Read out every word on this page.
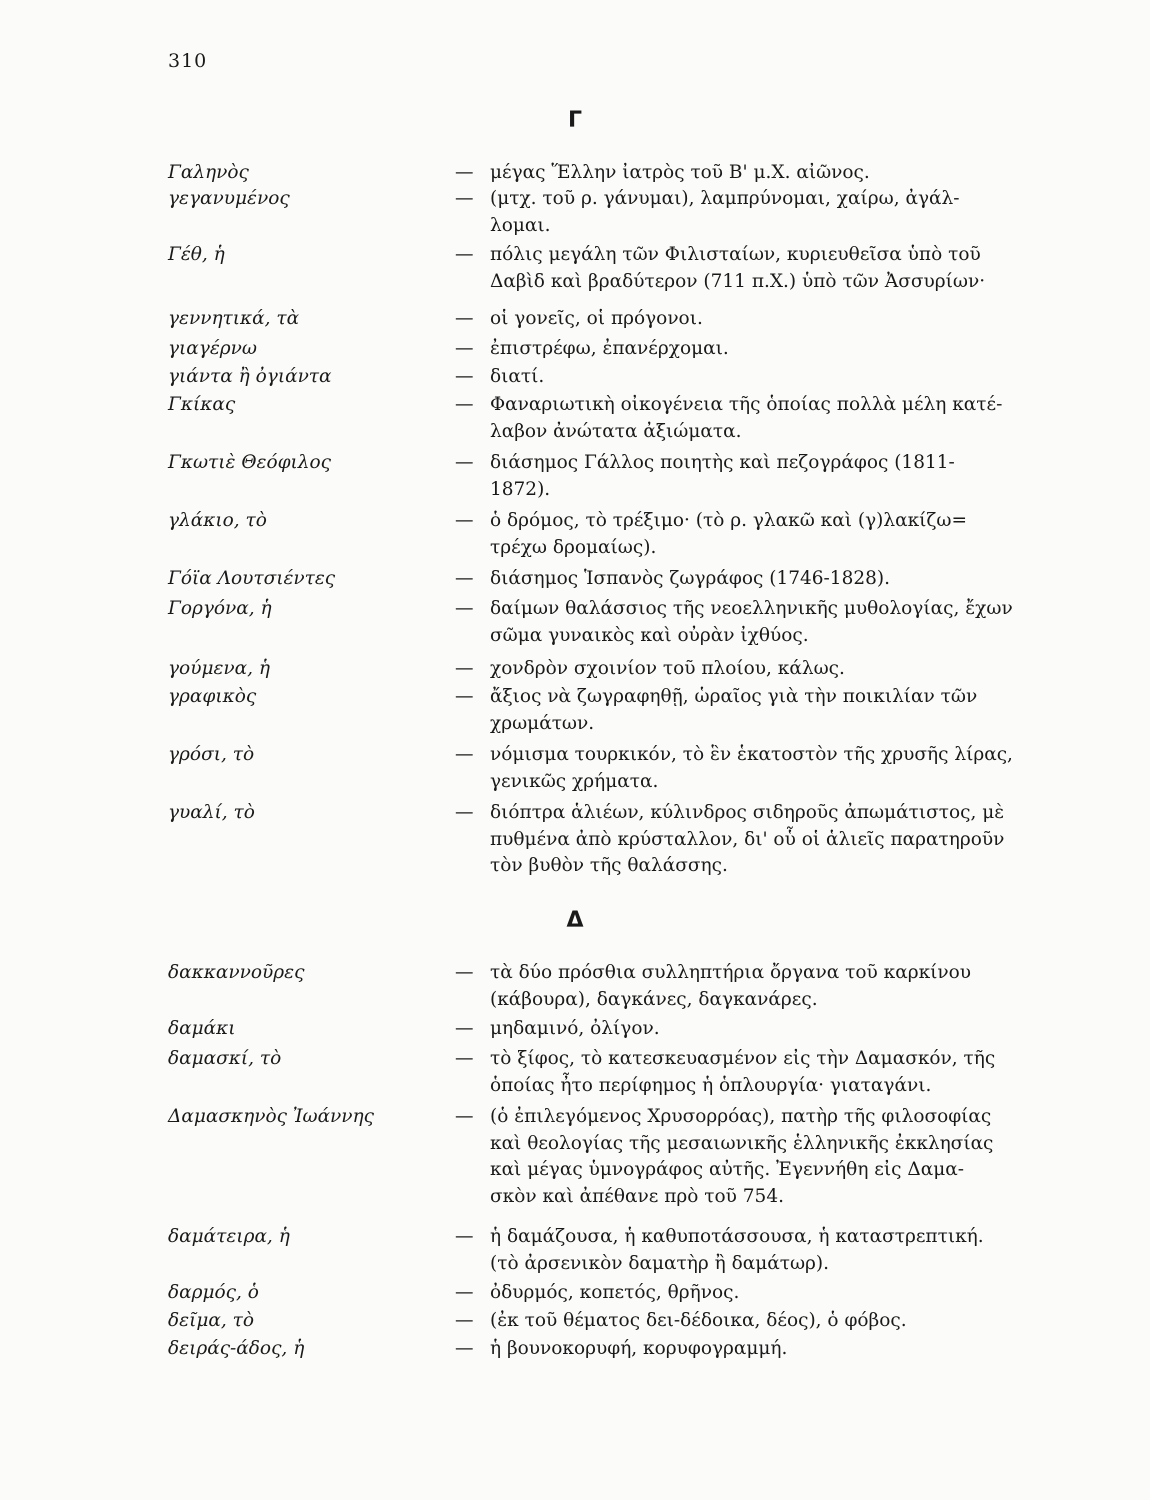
310
Γ
Δ
Γαληνὸς	— μέγας Ἕλλην ἰατρὸς τοῦ Β' μ.Χ. αἰῶνος.
γεγανυμένος	— (μτχ. τοῦ ρ. γάνυμαι), λαμπρύνομαι, χαίρω, ἀγάλ-
λομαι.
Γέθ, ἡ	— πόλις μεγάλη τῶν Φιλισταίων, κυριευθεῖσα ὑπὸ τοῦ
Δαβὶδ καὶ βραδύτερον (711 π.Χ.) ὑπὸ τῶν Ἀσσυρίων·
γεννητικά, τὰ	— οἱ γονεῖς, οἱ πρόγονοι.
γιαγέρνω	— ἐπιστρέφω, ἐπανέρχομαι.
γιάντα ἢ ὀγιάντα	— διατί.
Γκίκας	— Φαναριωτικὴ οἰκογένεια τῆς ὁποίας πολλὰ μέλη κατέ-
λαβον ἀνώτατα ἀξιώματα.
Γκωτιὲ Θεόφιλος	— διάσημος Γάλλος ποιητὴς καὶ πεζογράφος (1811-
1872).
γλάκιο, τὸ	— ὁ δρόμος, τὸ τρέξιμο· (τὸ ρ. γλακῶ καὶ (γ)λακίζω=
τρέχω δρομαίως).
Γόϊα Λουτσιέντες	— διάσημος Ἱσπανὸς ζωγράφος (1746-1828).
Γοργόνα, ἡ	— δαίμων θαλάσσιος τῆς νεοελληνικῆς μυθολογίας, ἔχων
σῶμα γυναικὸς καὶ οὐρὰν ἰχθύος.
γούμενα, ἡ	— χονδρὸν σχοινίον τοῦ πλοίου, κάλως.
γραφικὸς	— ἄξιος νὰ ζωγραφηθῇ, ὡραῖος γιὰ τὴν ποικιλίαν τῶν
χρωμάτων.
γρόσι, τὸ	— νόμισμα τουρκικόν, τὸ ἓν ἑκατοστὸν τῆς χρυσῆς λίρας,
γενικῶς χρήματα.
γυαλί, τὸ	— διόπτρα ἁλιέων, κύλινδρος σιδηροῦς ἀπωμάτιστος, μὲ
πυθμένα ἀπὸ κρύσταλλον, δι' οὗ οἱ ἁλιεῖς παρατηροῦν
τὸν βυθὸν τῆς θαλάσσης.
δακκαννοῦρες	— τὰ δύο πρόσθια συλληπτήρια ὄργανα τοῦ καρκίνου
(κάβουρα), δαγκάνες, δαγκανάρες.
δαμάκι	— μηδαμινό, ὀλίγον.
δαμασκί, τὸ	— τὸ ξίφος, τὸ κατεσκευασμένον εἰς τὴν Δαμασκόν, τῆς
ὁποίας ἦτο περίφημος ἡ ὁπλουργία· γιαταγάνι.
Δαμασκηνὸς Ἰωάννης	— (ὁ ἐπιλεγόμενος Χρυσορρόας), πατὴρ τῆς φιλοσοφίας
καὶ θεολογίας τῆς μεσαιωνικῆς ἑλληνικῆς ἐκκλησίας
καὶ μέγας ὑμνογράφος αὐτῆς. Ἐγεννήθη εἰς Δαμα-
σκὸν καὶ ἀπέθανε πρὸ τοῦ 754.
δαμάτειρα, ἡ	— ἡ δαμάζουσα, ἡ καθυποτάσσουσα, ἡ καταστρεπτική.
(τὸ ἀρσενικὸν δαματὴρ ἢ δαμάτωρ).
δαρμός, ὁ	— ὀδυρμός, κοπετός, θρῆνος.
δεῖμα, τὸ	— (ἐκ τοῦ θέματος δει-δέδοικα, δέος), ὁ φόβος.
δειράς-άδος, ἡ	— ἡ βουνοκορυφή, κορυφογραμμή.
